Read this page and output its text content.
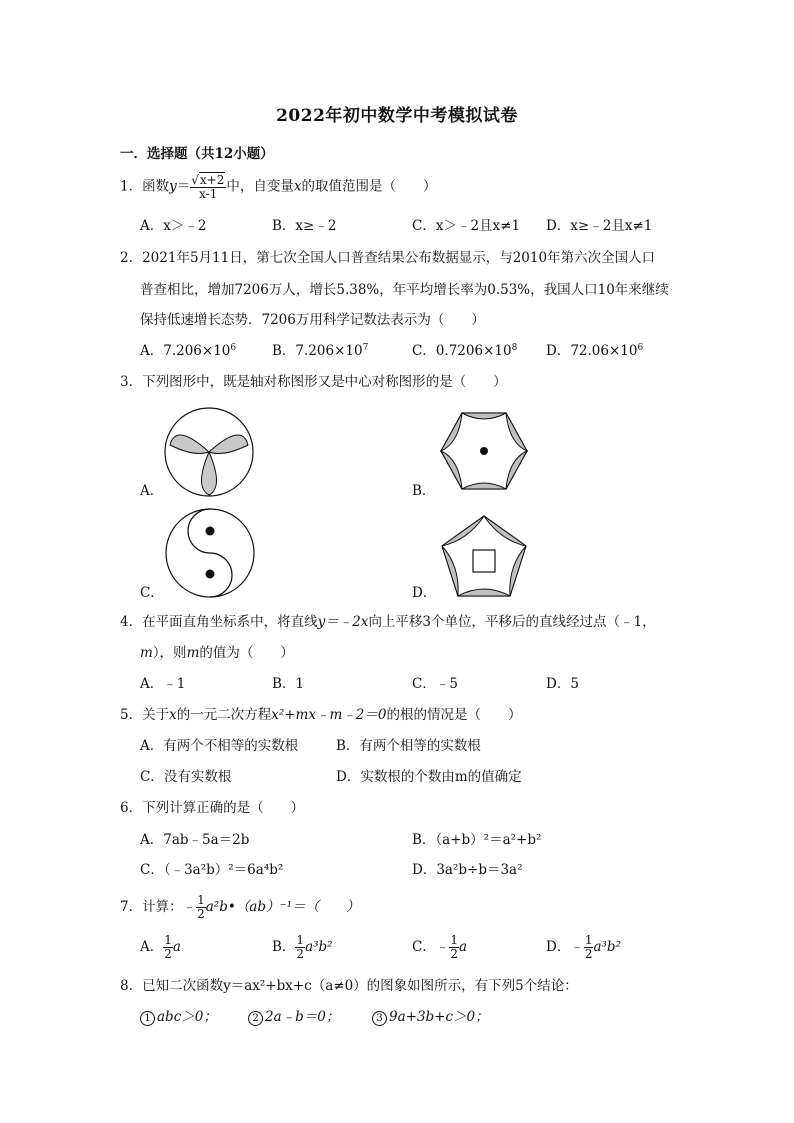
2022年初中数学中考模拟试卷
一．选择题（共12小题）
1．函数$y= \frac{√x+2}{x-1}$ 中，自变量x的取值范围是（　　）
A．x＞﹣2	B．x≥﹣2	C．x＞﹣2且x≠1 D．x≥﹣2且x≠1
2．2021年5月11日，第七次全国人口普查结果公布数据显示，与2010年第六次全国人口
普查相比，增加7206万人，增长5.38%，年平均增长率为0.53%，我国人口10年来继续
保持低速增长态势．7206万用科学记数法表示为（　　）
A．$7.206\times 10^6$	B．$7.206\times 10^7$	C．$0.7206\times 10^8$ D．$72.06\times 10^6$
3．下列图形中，既是轴对称图形又是中心对称图形的是（　　）
A．	B．
C．	D．
4．在平面直角坐标系中，将直线y＝﹣2x向上平移3个单位，平移后的直线经过点（﹣1，
m），则m的值为（　　）
A．﹣1	B．1	C．﹣5	D．5
5．关于x的一元二次方程x²+mx﹣m﹣2＝0的根的情况是（　　）
A．有两个不相等的实数根	B．有两个相等的实数根
C．没有实数根	D．实数根的个数由m的值确定
6．下列计算正确的是（　　）
A．7ab﹣5a＝2b	B．（a+b）²＝a²+b²
C．（﹣3a²b）²＝6a⁴b²	D．3a²b÷b＝3a²
7．计算：﹣ $\frac{1}{2}$ a²b•（ab）⁻¹＝（　　）
A． $\frac{1}{2}$ a	B． $\frac{1}{2} a^3b^2$	C．﹣ $\frac{1}{2}$ a	D．﹣ $\frac{1}{2} a^3b^2$
8．已知二次函数y＝ax²+bx+c（a≠0）的图象如图所示，有下列5个结论：
1 abc＞0；	2 2a﹣b＝0；	3 9a+3b+c＞0；
